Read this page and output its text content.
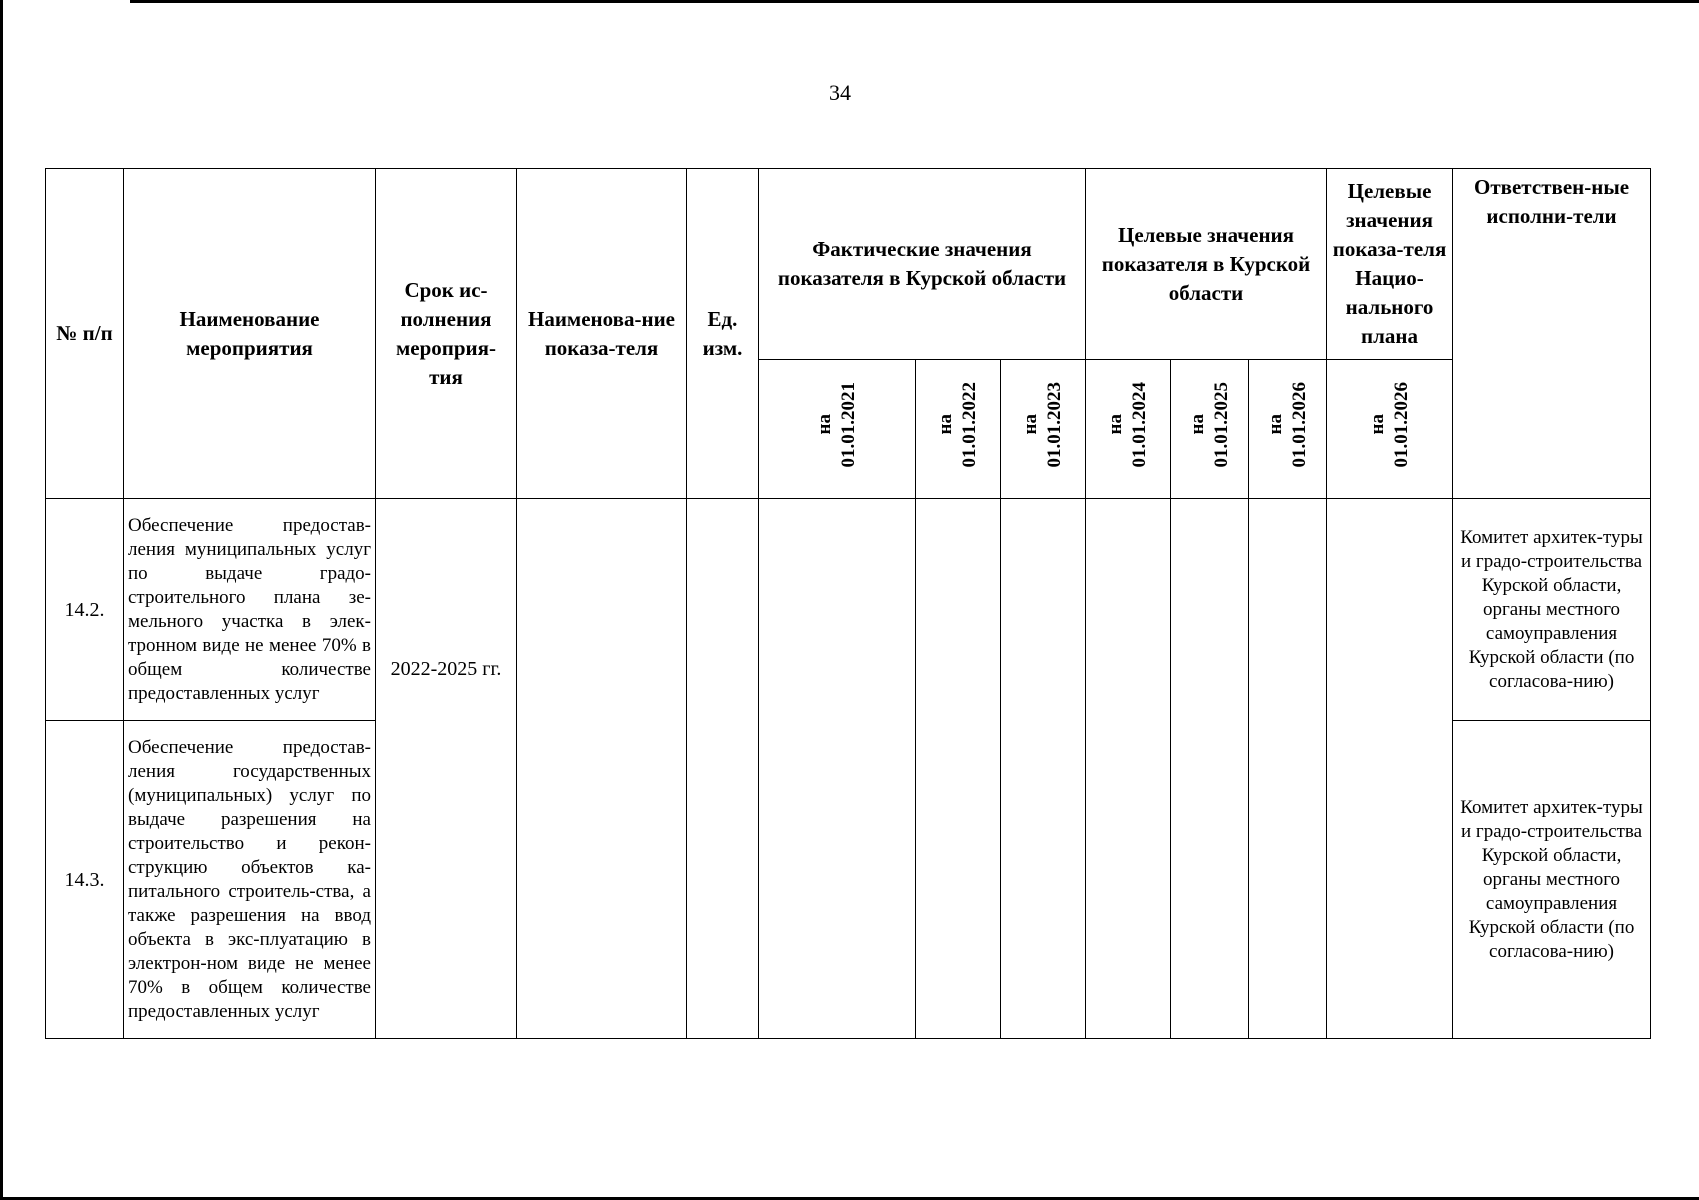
34
№ п/п	Наименование мероприятия	Срок ис-полнения мероприя-тия	Наименова-ние показа-теля	Ед. изм.	Фактические значения показателя в Курской области			Целевые значения показателя в Курской области			Целевые значения показа-теля Нацио-нального плана	Ответствен-ные исполни-тели

					на 01.01.2021	на 01.01.2022	на 01.01.2023	на 01.01.2024	на 01.01.2025	на 01.01.2026	на 01.01.2026	

14.2.	Обеспечение предостав-ления муниципальных услуг по выдаче градо-строительного плана зе-мельного участка в элек-тронном виде не менее 70% в общем количестве предоставленных услуг	2022-2025 гг.										Комитет архитек-туры и градо-строительства Курской области, органы местного самоуправления Курской области (по согласова-нию)
14.3.	Обеспечение предостав-ления государственных (муниципальных) услуг по выдаче разрешения на строительство и рекон-струкцию объектов ка-питального строитель-ства, а также разрешения на ввод объекта в экс-плуатацию в электрон-ном виде не менее 70% в общем количестве предоставленных услуг											Комитет архитек-туры и градо-строительства Курской области, органы местного самоуправления Курской области (по согласова-нию)
